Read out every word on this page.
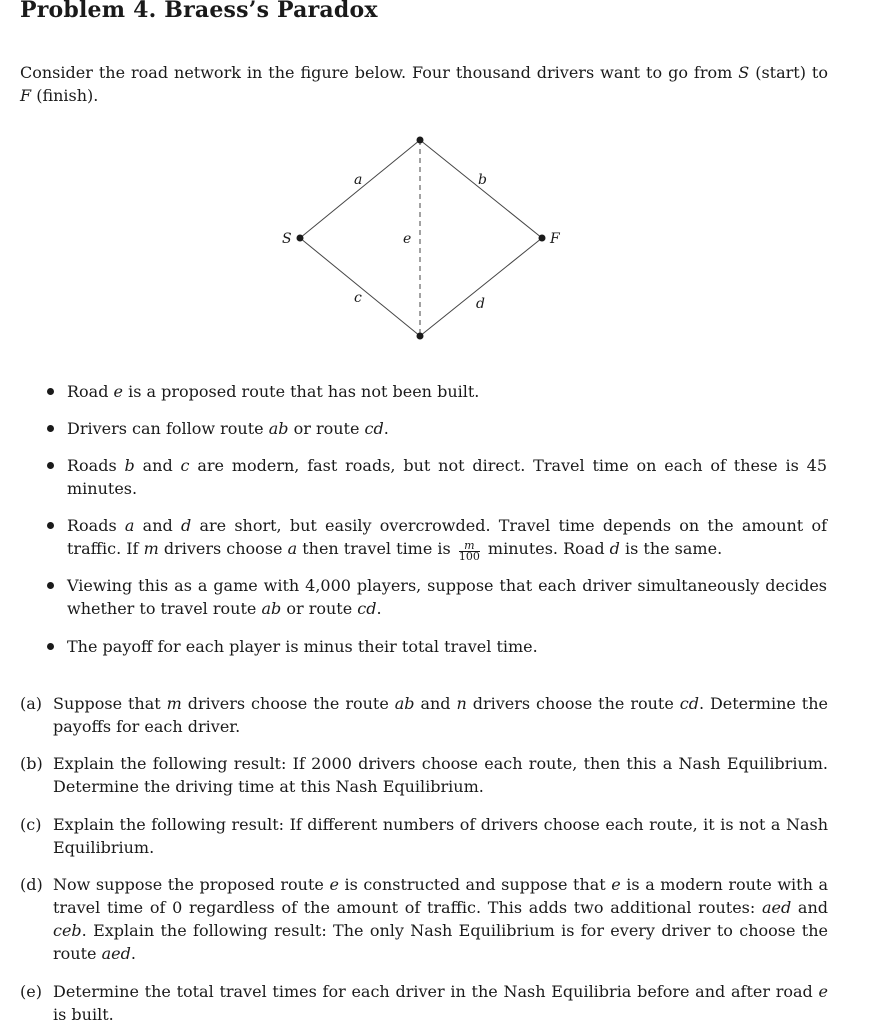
Problem 4. Braess’s Paradox
Consider the road network in the figure below. Four thousand drivers want to go from S (start) to F (finish).
S	F
a	b
c	d
e
Road e is a proposed route that has not been built.
Drivers can follow route ab or route cd.
Roads b and c are modern, fast roads, but not direct. Travel time on each of these is 45 minutes.
Roads a and d are short, but easily overcrowded. Travel time depends on the amount of traffic. If m drivers choose a then travel time is $\frac{m}{100}$ minutes. Road d is the same.
Viewing this as a game with 4,000 players, suppose that each driver simultaneously decides whether to travel route ab or route cd.
The payoff for each player is minus their total travel time.
(a) Suppose that m drivers choose the route ab and n drivers choose the route cd. Determine the payoffs for each driver.
(b) Explain the following result: If 2000 drivers choose each route, then this a Nash Equilibrium. Determine the driving time at this Nash Equilibrium.
(c) Explain the following result: If different numbers of drivers choose each route, it is not a Nash Equilibrium.
(d) Now suppose the proposed route e is constructed and suppose that e is a modern route with a travel time of 0 regardless of the amount of traffic. This adds two additional routes: aed and ceb. Explain the following result: The only Nash Equilibrium is for every driver to choose the route aed.
(e) Determine the total travel times for each driver in the Nash Equilibria before and after road e is built.
